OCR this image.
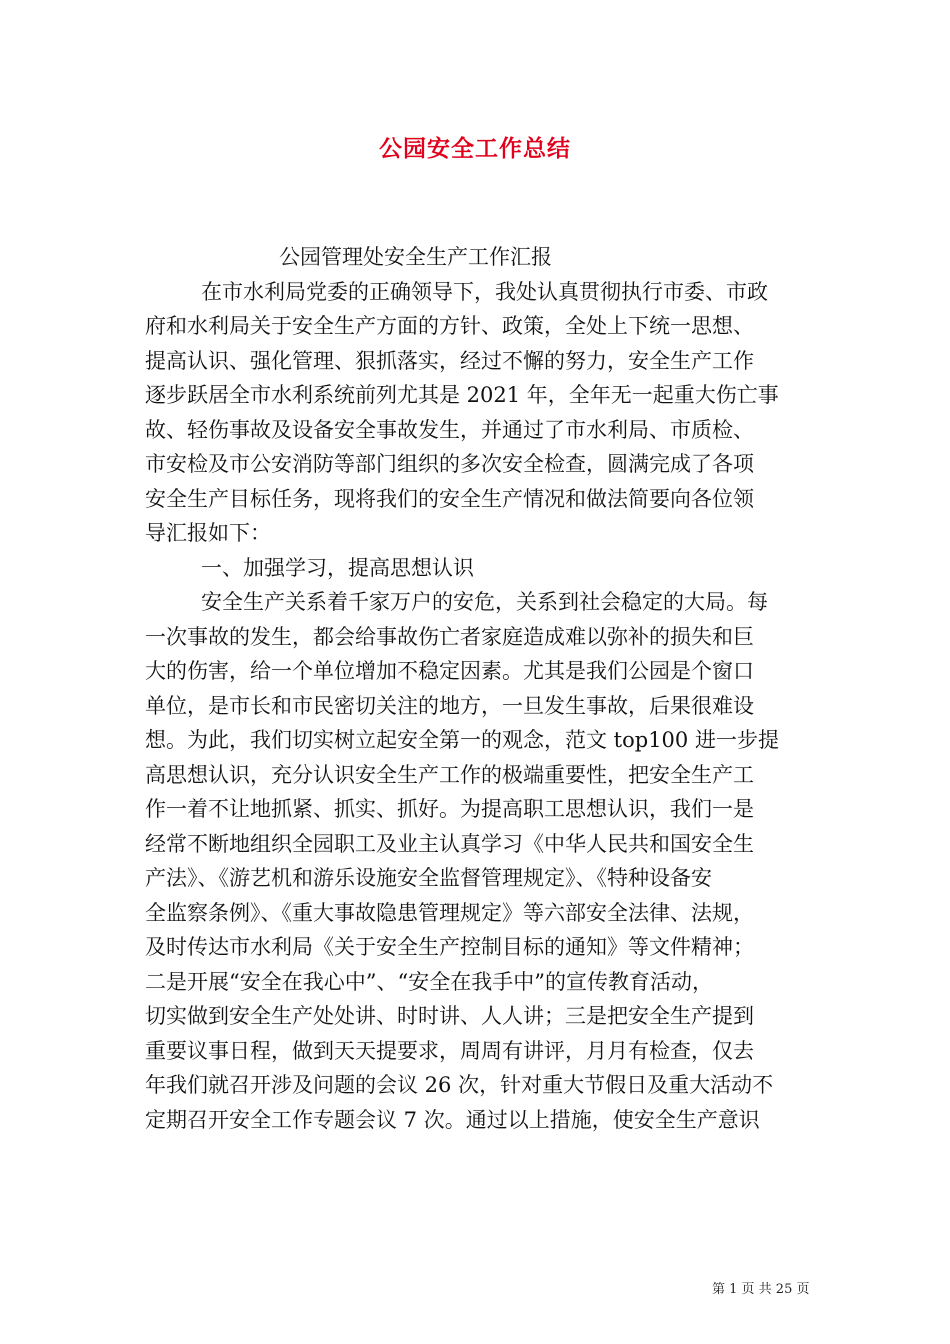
公园安全工作总结
公园管理处安全生产工作汇报
在市水利局党委的正确领导下，我处认真贯彻执行市委、市政
府和水利局关于安全生产方面的方针、政策，全处上下统一思想、
提高认识、强化管理、狠抓落实，经过不懈的努力，安全生产工作
逐步跃居全市水利系统前列尤其是 2021 年，全年无一起重大伤亡事
故、轻伤事故及设备安全事故发生，并通过了市水利局、市质检、
市安检及市公安消防等部门组织的多次安全检查，圆满完成了各项
安全生产目标任务，现将我们的安全生产情况和做法简要向各位领
导汇报如下：
一、加强学习，提高思想认识
安全生产关系着千家万户的安危，关系到社会稳定的大局。每
一次事故的发生，都会给事故伤亡者家庭造成难以弥补的损失和巨
大的伤害，给一个单位增加不稳定因素。尤其是我们公园是个窗口
单位，是市长和市民密切关注的地方，一旦发生事故，后果很难设
想。为此，我们切实树立起安全第一的观念，范文 top100 进一步提
高思想认识，充分认识安全生产工作的极端重要性，把安全生产工
作一着不让地抓紧、抓实、抓好。为提高职工思想认识，我们一是
经常不断地组织全园职工及业主认真学习《中华人民共和国安全生
产法》、《游艺机和游乐设施安全监督管理规定》、《特种设备安
全监察条例》、《重大事故隐患管理规定》等六部安全法律、法规，
及时传达市水利局《关于安全生产控制目标的通知》等文件精神；
二是开展“安全在我心中”、“安全在我手中”的宣传教育活动，
切实做到安全生产处处讲、时时讲、人人讲；三是把安全生产提到
重要议事日程，做到天天提要求，周周有讲评，月月有检查，仅去
年我们就召开涉及问题的会议 26 次，针对重大节假日及重大活动不
定期召开安全工作专题会议 7 次。通过以上措施，使安全生产意识
第 1 页 共 25 页
